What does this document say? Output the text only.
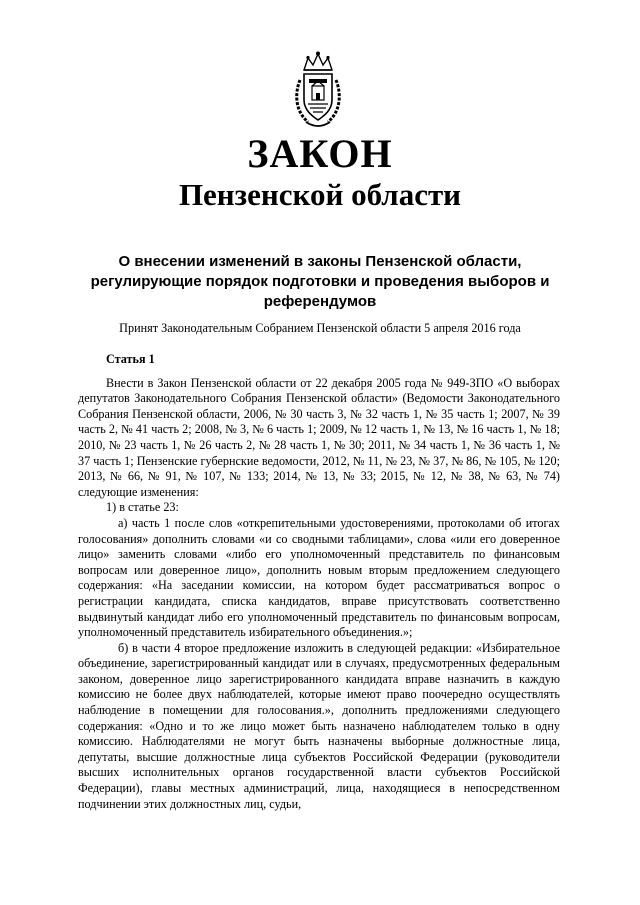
ЗАКОН
Пензенской области
О внесении изменений в законы Пензенской области, регулирующие порядок подготовки и проведения выборов и референдумов
Принят Законодательным Собранием Пензенской области 5 апреля 2016 года

Статья 1

Внести в Закон Пензенской области от 22 декабря 2005 года № 949-ЗПО «О выборах депутатов Законодательного Собрания Пензенской области» (Ведомости Законодательного Собрания Пензенской области, 2006, № 30 часть 3, № 32 часть 1, № 35 часть 1; 2007, № 39 часть 2, № 41 часть 2; 2008, № 3, № 6 часть 1; 2009, № 12 часть 1, № 13, № 16 часть 1, № 18; 2010, № 23 часть 1, № 26 часть 2, № 28 часть 1, № 30; 2011, № 34 часть 1, № 36 часть 1, № 37 часть 1; Пензенские губернские ведомости, 2012, № 11, № 23, № 37, № 86, № 105, № 120; 2013, № 66, № 91, № 107, № 133; 2014, № 13, № 33; 2015, № 12, № 38, № 63, № 74) следующие изменения:

1) в статье 23:

а) часть 1 после слов «открепительными удостоверениями, протоколами об итогах голосования» дополнить словами «и со сводными таблицами», слова «или его доверенное лицо» заменить словами «либо его уполномоченный представитель по финансовым вопросам или доверенное лицо», дополнить новым вторым предложением следующего содержания: «На заседании комиссии, на котором будет рассматриваться вопрос о регистрации кандидата, списка кандидатов, вправе присутствовать соответственно выдвинутый кандидат либо его уполномоченный представитель по финансовым вопросам, уполномоченный представитель избирательного объединения.»;

б) в части 4 второе предложение изложить в следующей редакции: «Избирательное объединение, зарегистрированный кандидат или в случаях, предусмотренных федеральным законом, доверенное лицо зарегистрированного кандидата вправе назначить в каждую комиссию не более двух наблюдателей, которые имеют право поочередно осуществлять наблюдение в помещении для голосования.», дополнить предложениями следующего содержания: «Одно и то же лицо может быть назначено наблюдателем только в одну комиссию. Наблюдателями не могут быть назначены выборные должностные лица, депутаты, высшие должностные лица субъектов Российской Федерации (руководители высших исполнительных органов государственной власти субъектов Российской Федерации), главы местных администраций, лица, находящиеся в непосредственном подчинении этих должностных лиц, судьи,
